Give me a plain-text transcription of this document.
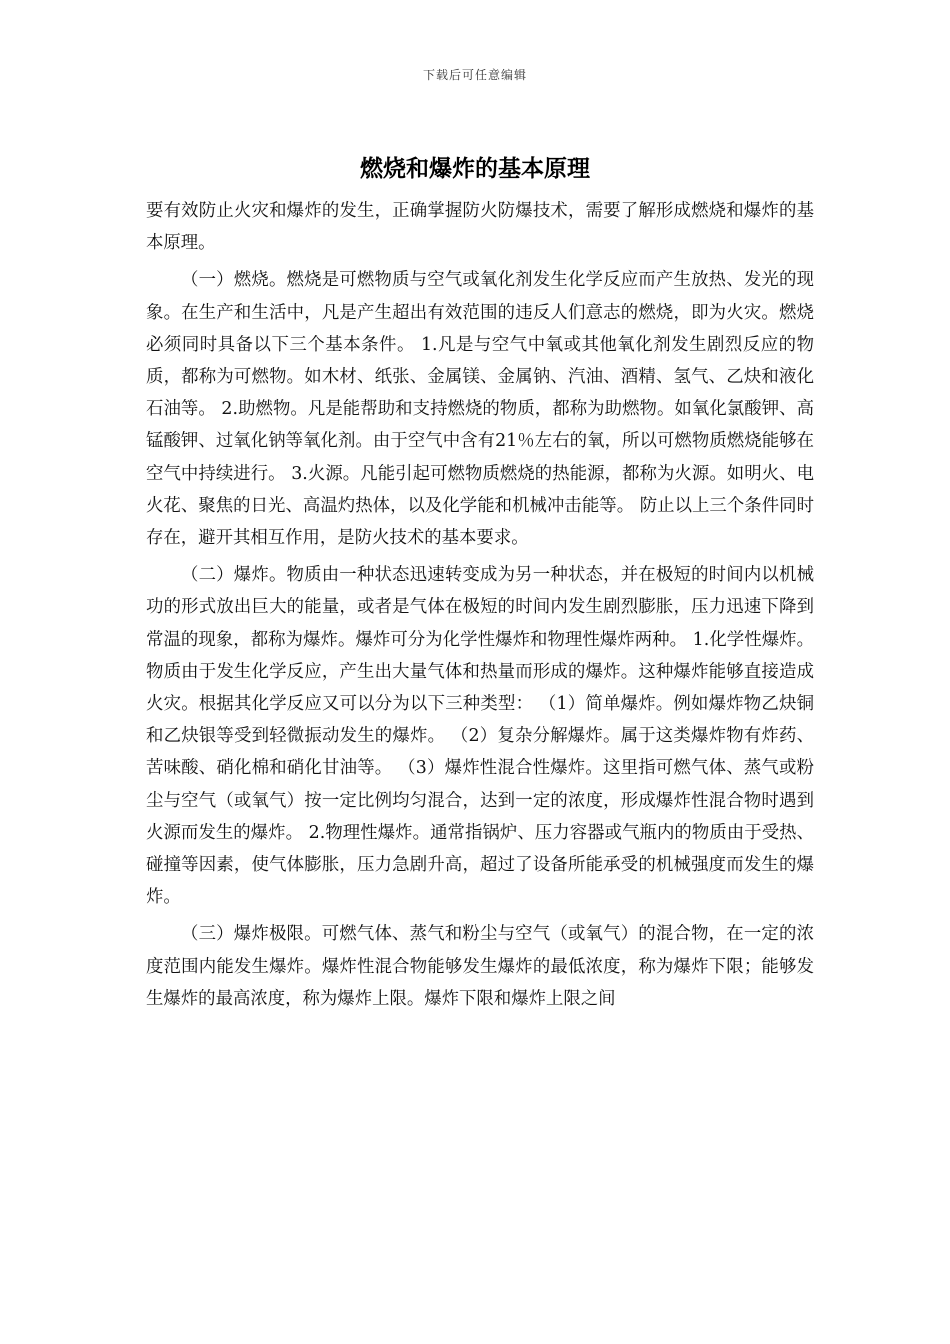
下载后可任意编辑
燃烧和爆炸的基本原理

要有效防止火灾和爆炸的发生，正确掌握防火防爆技术，需要了解形成燃烧和爆炸的基本原理。

（一）燃烧。燃烧是可燃物质与空气或氧化剂发生化学反应而产生放热、发光的现象。在生产和生活中，凡是产生超出有效范围的违反人们意志的燃烧，即为火灾。燃烧必须同时具备以下三个基本条件。 1.凡是与空气中氧或其他氧化剂发生剧烈反应的物质，都称为可燃物。如木材、纸张、金属镁、金属钠、汽油、酒精、氢气、乙炔和液化石油等。 2.助燃物。凡是能帮助和支持燃烧的物质，都称为助燃物。如氧化氯酸钾、高锰酸钾、过氧化钠等氧化剂。由于空气中含有21％左右的氧，所以可燃物质燃烧能够在空气中持续进行。 3.火源。凡能引起可燃物质燃烧的热能源，都称为火源。如明火、电火花、聚焦的日光、高温灼热体，以及化学能和机械冲击能等。 防止以上三个条件同时存在，避开其相互作用，是防火技术的基本要求。

（二）爆炸。物质由一种状态迅速转变成为另一种状态，并在极短的时间内以机械功的形式放出巨大的能量，或者是气体在极短的时间内发生剧烈膨胀，压力迅速下降到常温的现象，都称为爆炸。爆炸可分为化学性爆炸和物理性爆炸两种。 1.化学性爆炸。物质由于发生化学反应，产生出大量气体和热量而形成的爆炸。这种爆炸能够直接造成火灾。根据其化学反应又可以分为以下三种类型： （1）简单爆炸。例如爆炸物乙炔铜和乙炔银等受到轻微振动发生的爆炸。 （2）复杂分解爆炸。属于这类爆炸物有炸药、苦味酸、硝化棉和硝化甘油等。 （3）爆炸性混合性爆炸。这里指可燃气体、蒸气或粉尘与空气（或氧气）按一定比例均匀混合，达到一定的浓度，形成爆炸性混合物时遇到火源而发生的爆炸。 2.物理性爆炸。通常指锅炉、压力容器或气瓶内的物质由于受热、碰撞等因素，使气体膨胀，压力急剧升高，超过了设备所能承受的机械强度而发生的爆炸。

（三）爆炸极限。可燃气体、蒸气和粉尘与空气（或氧气）的混合物，在一定的浓度范围内能发生爆炸。爆炸性混合物能够发生爆炸的最低浓度，称为爆炸下限；能够发生爆炸的最高浓度，称为爆炸上限。爆炸下限和爆炸上限之间
